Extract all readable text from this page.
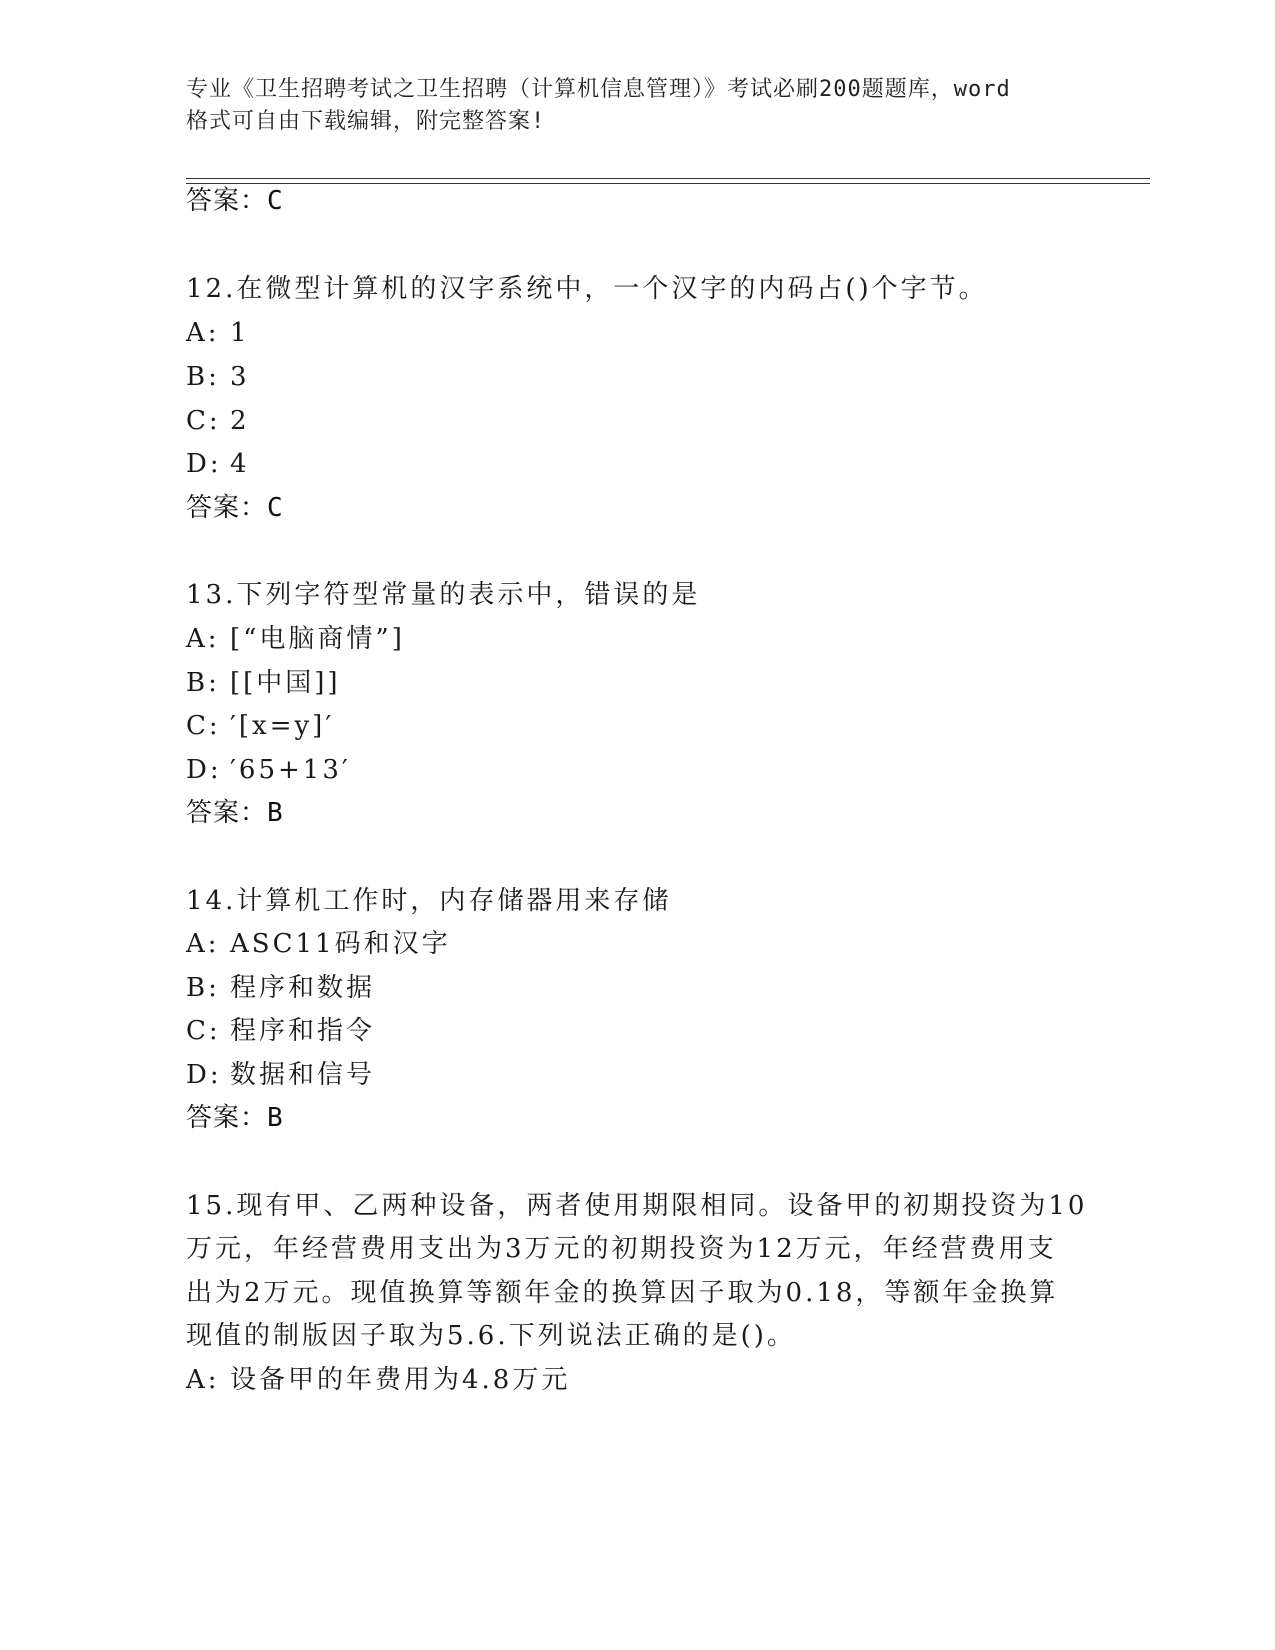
专业《卫生招聘考试之卫生招聘（计算机信息管理）》考试必刷200题题库，word
格式可自由下载编辑，附完整答案!
答案：C
12.在微型计算机的汉字系统中，一个汉字的内码占()个字节。
A: 1
B: 3
C: 2
D: 4
答案：C
13.下列字符型常量的表示中，错误的是
A: [“电脑商情”]
B: [[中国]]
C: ′[x=y]′
D: ′65+13′
答案：B
14.计算机工作时，内存储器用来存储
A: ASC11码和汉字
B: 程序和数据
C: 程序和指令
D: 数据和信号
答案：B
15.现有甲、乙两种设备，两者使用期限相同。设备甲的初期投资为10
万元，年经营费用支出为3万元的初期投资为12万元，年经营费用支
出为2万元。现值换算等额年金的换算因子取为0.18，等额年金换算
现值的制版因子取为5.6.下列说法正确的是()。
A: 设备甲的年费用为4.8万元
